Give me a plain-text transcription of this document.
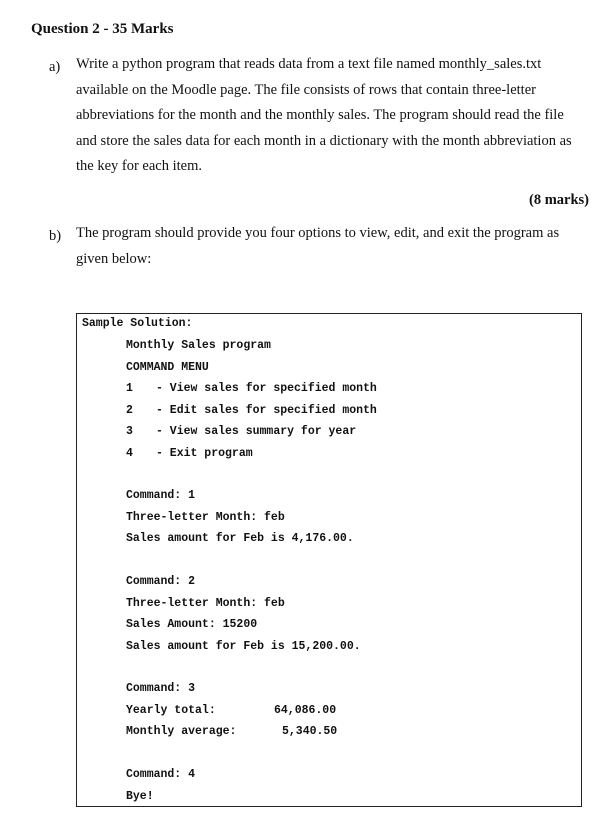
Question 2 - 35 Marks
a) Write a python program that reads data from a text file named monthly_sales.txt
available on the Moodle page. The file consists of rows that contain three-letter
abbreviations for the month and the monthly sales. The program should read the file
and store the sales data for each month in a dictionary with the month abbreviation as
the key for each item.
(8 marks)
b) The program should provide you four options to view, edit, and exit the program as
given below:
Sample Solution:
Monthly Sales program
COMMAND MENU
1 - View sales for specified month
2 - Edit sales for specified month
3 - View sales summary for year
4 - Exit program
Command: 1
Three-letter Month: feb
Sales amount for Feb is 4,176.00.
Command: 2
Three-letter Month: feb
Sales Amount: 15200
Sales amount for Feb is 15,200.00.
Command: 3
Yearly total:	64,086.00
Monthly average:	5,340.50
Command: 4
Bye!
